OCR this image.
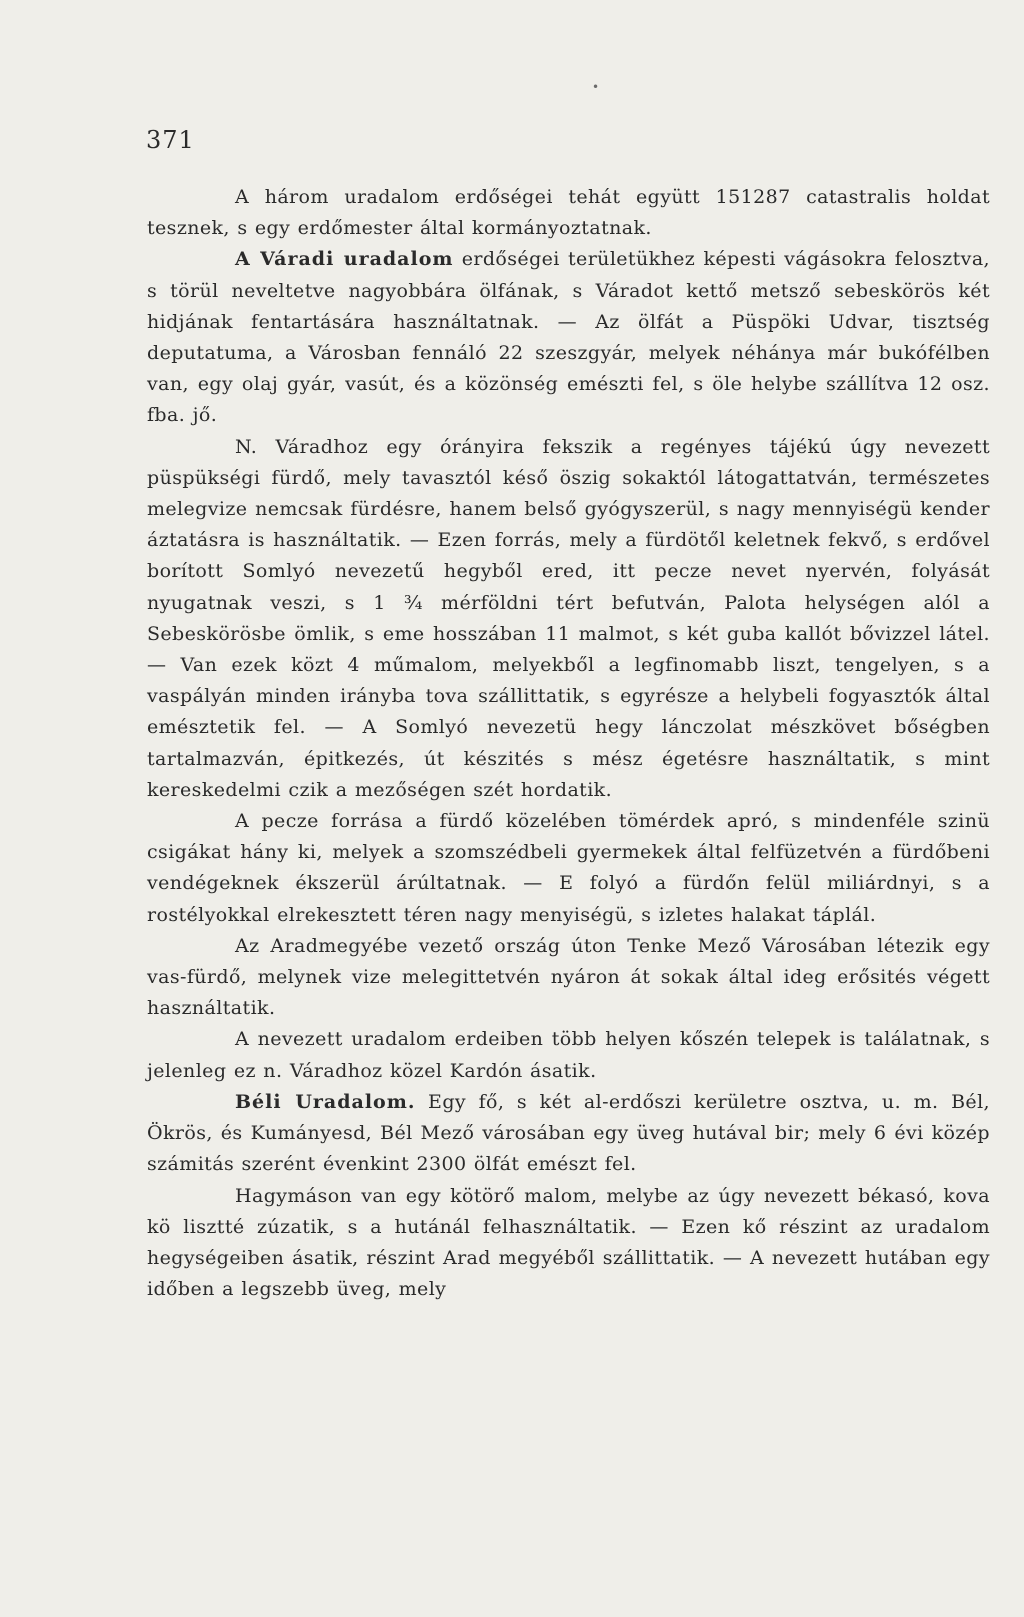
•
371

A három uradalom erdőségei tehát együtt 151287 catastralis holdat tesznek, s egy erdőmester által kormányoztatnak.

A Váradi uradalom erdőségei területükhez képesti vágásokra felosztva, s törül neveltetve nagyobbára ölfának, s Váradot kettő metsző sebeskörös két hidjának fentartására használtatnak. — Az ölfát a Püspöki Udvar, tisztség deputatuma, a Városban fennáló 22 szeszgyár, melyek néhánya már bukófélben van, egy olaj gyár, vasút, és a közönség emészti fel, s öle helybe szállítva 12 osz. fba. jő.

N. Váradhoz egy órányira fekszik a regényes tájékú úgy nevezett püspükségi fürdő, mely tavasztól késő öszig sokaktól látogattatván, természetes melegvize nemcsak fürdésre, hanem belső gyógyszerül, s nagy mennyiségü kender áztatásra is használtatik. — Ezen forrás, mely a fürdötől keletnek fekvő, s erdővel borított Somlyó nevezetű hegyből ered, itt pecze nevet nyervén, folyását nyugatnak veszi, s 1 ¾ mérföldni tért befutván, Palota helységen alól a Sebeskörösbe ömlik, s eme hosszában 11 malmot, s két guba kallót bővizzel látel. — Van ezek közt 4 műmalom, melyekből a legfinomabb liszt, tengelyen, s a vaspályán minden irányba tova szállittatik, s egyrésze a helybeli fogyasztók által emésztetik fel. — A Somlyó nevezetü hegy lánczolat mészkövet bőségben tartalmazván, épitkezés, út készités s mész égetésre használtatik, s mint kereskedelmi czik a mezőségen szét hordatik.

A pecze forrása a fürdő közelében tömérdek apró, s mindenféle szinü csigákat hány ki, melyek a szomszédbeli gyermekek által felfüzetvén a fürdőbeni vendégeknek ékszerül árúltatnak. — E folyó a fürdőn felül miliárdnyi, s a rostélyokkal elrekesztett téren nagy menyiségü, s izletes halakat táplál.

Az Aradmegyébe vezető ország úton Tenke Mező Városában létezik egy vas-fürdő, melynek vize melegittetvén nyáron át sokak által ideg erősités végett használtatik.

A nevezett uradalom erdeiben több helyen kőszén telepek is találatnak, s jelenleg ez n. Váradhoz közel Kardón ásatik.

Béli Uradalom. Egy fő, s két al-erdőszi kerületre osztva, u. m. Bél, Ökrös, és Kumányesd, Bél Mező városában egy üveg hutával bir; mely 6 évi közép számitás szerént évenkint 2300 ölfát emészt fel.

Hagymáson van egy kötörő malom, melybe az úgy nevezett békasó, kova kö lisztté zúzatik, s a hutánál felhasználtatik. — Ezen kő részint az uradalom hegységeiben ásatik, részint Arad megyéből szállittatik. — A nevezett hutában egy időben a legszebb üveg, mely
